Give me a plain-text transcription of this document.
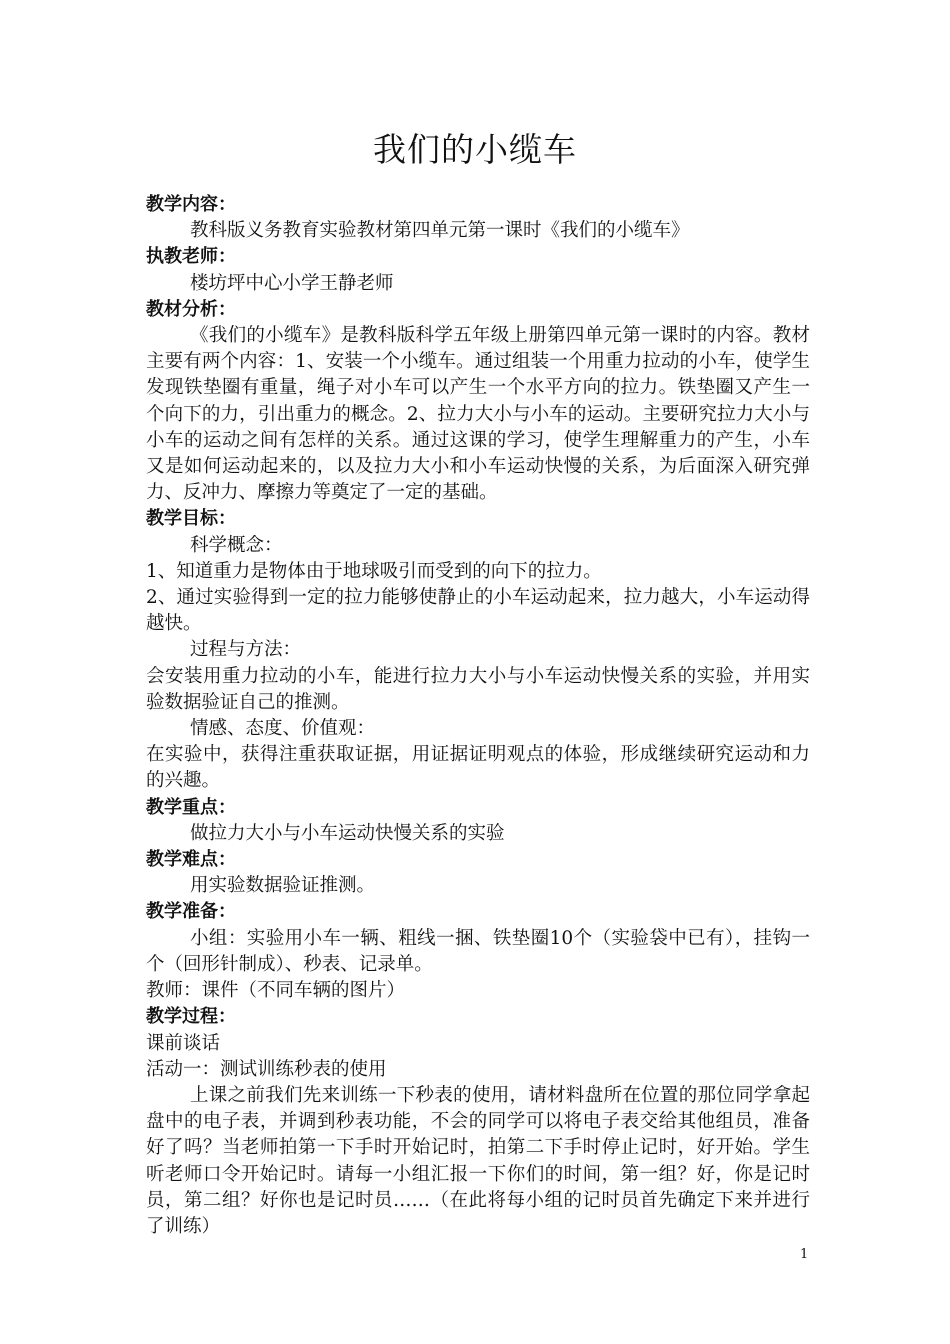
我们的小缆车

教学内容：

教科版义务教育实验教材第四单元第一课时《我们的小缆车》

执教老师：

楼坊坪中心小学王静老师

教材分析：

《我们的小缆车》是教科版科学五年级上册第四单元第一课时的内容。教材主要有两个内容：1、安装一个小缆车。通过组装一个用重力拉动的小车，使学生发现铁垫圈有重量，绳子对小车可以产生一个水平方向的拉力。铁垫圈又产生一个向下的力，引出重力的概念。2、拉力大小与小车的运动。主要研究拉力大小与小车的运动之间有怎样的关系。通过这课的学习，使学生理解重力的产生，小车又是如何运动起来的，以及拉力大小和小车运动快慢的关系，为后面深入研究弹力、反冲力、摩擦力等奠定了一定的基础。

教学目标：

科学概念：

1、知道重力是物体由于地球吸引而受到的向下的拉力。

2、通过实验得到一定的拉力能够使静止的小车运动起来，拉力越大，小车运动得越快。

过程与方法：

会安装用重力拉动的小车，能进行拉力大小与小车运动快慢关系的实验，并用实验数据验证自己的推测。

情感、态度、价值观：

在实验中，获得注重获取证据，用证据证明观点的体验，形成继续研究运动和力的兴趣。

教学重点：

做拉力大小与小车运动快慢关系的实验

教学难点：

用实验数据验证推测。

教学准备：

小组：实验用小车一辆、粗线一捆、铁垫圈10个（实验袋中已有），挂钩一个（回形针制成）、秒表、记录单。

教师：课件（不同车辆的图片）

教学过程：

课前谈话

活动一：测试训练秒表的使用

上课之前我们先来训练一下秒表的使用，请材料盘所在位置的那位同学拿起盘中的电子表，并调到秒表功能，不会的同学可以将电子表交给其他组员，准备好了吗？当老师拍第一下手时开始记时，拍第二下手时停止记时，好开始。学生听老师口令开始记时。请每一小组汇报一下你们的时间，第一组？好，你是记时员，第二组？好你也是记时员……（在此将每小组的记时员首先确定下来并进行了训练）

1
